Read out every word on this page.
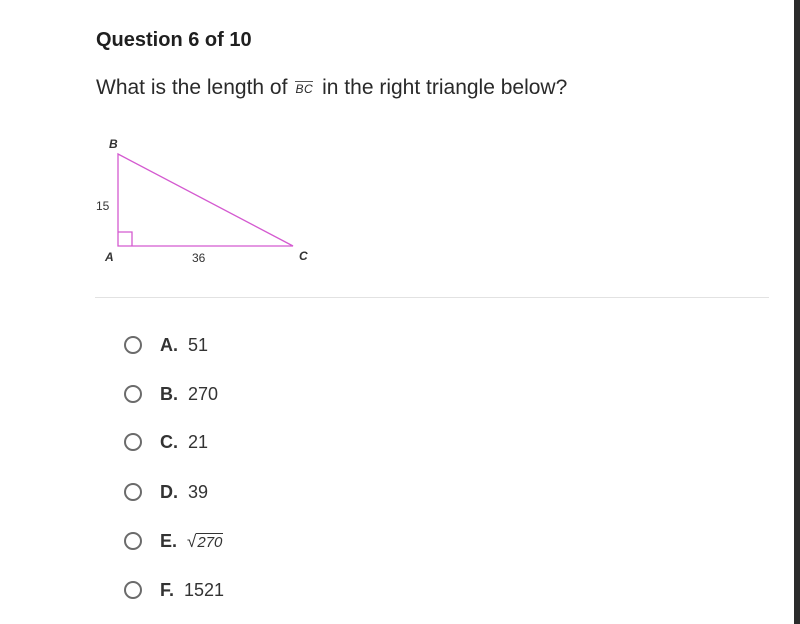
Question 6 of 10
What is the length of BC in the right triangle below?
B
A	C
15
36
A. 51
B. 270
C. 21
D. 39
E. √ 270
F. 1521
